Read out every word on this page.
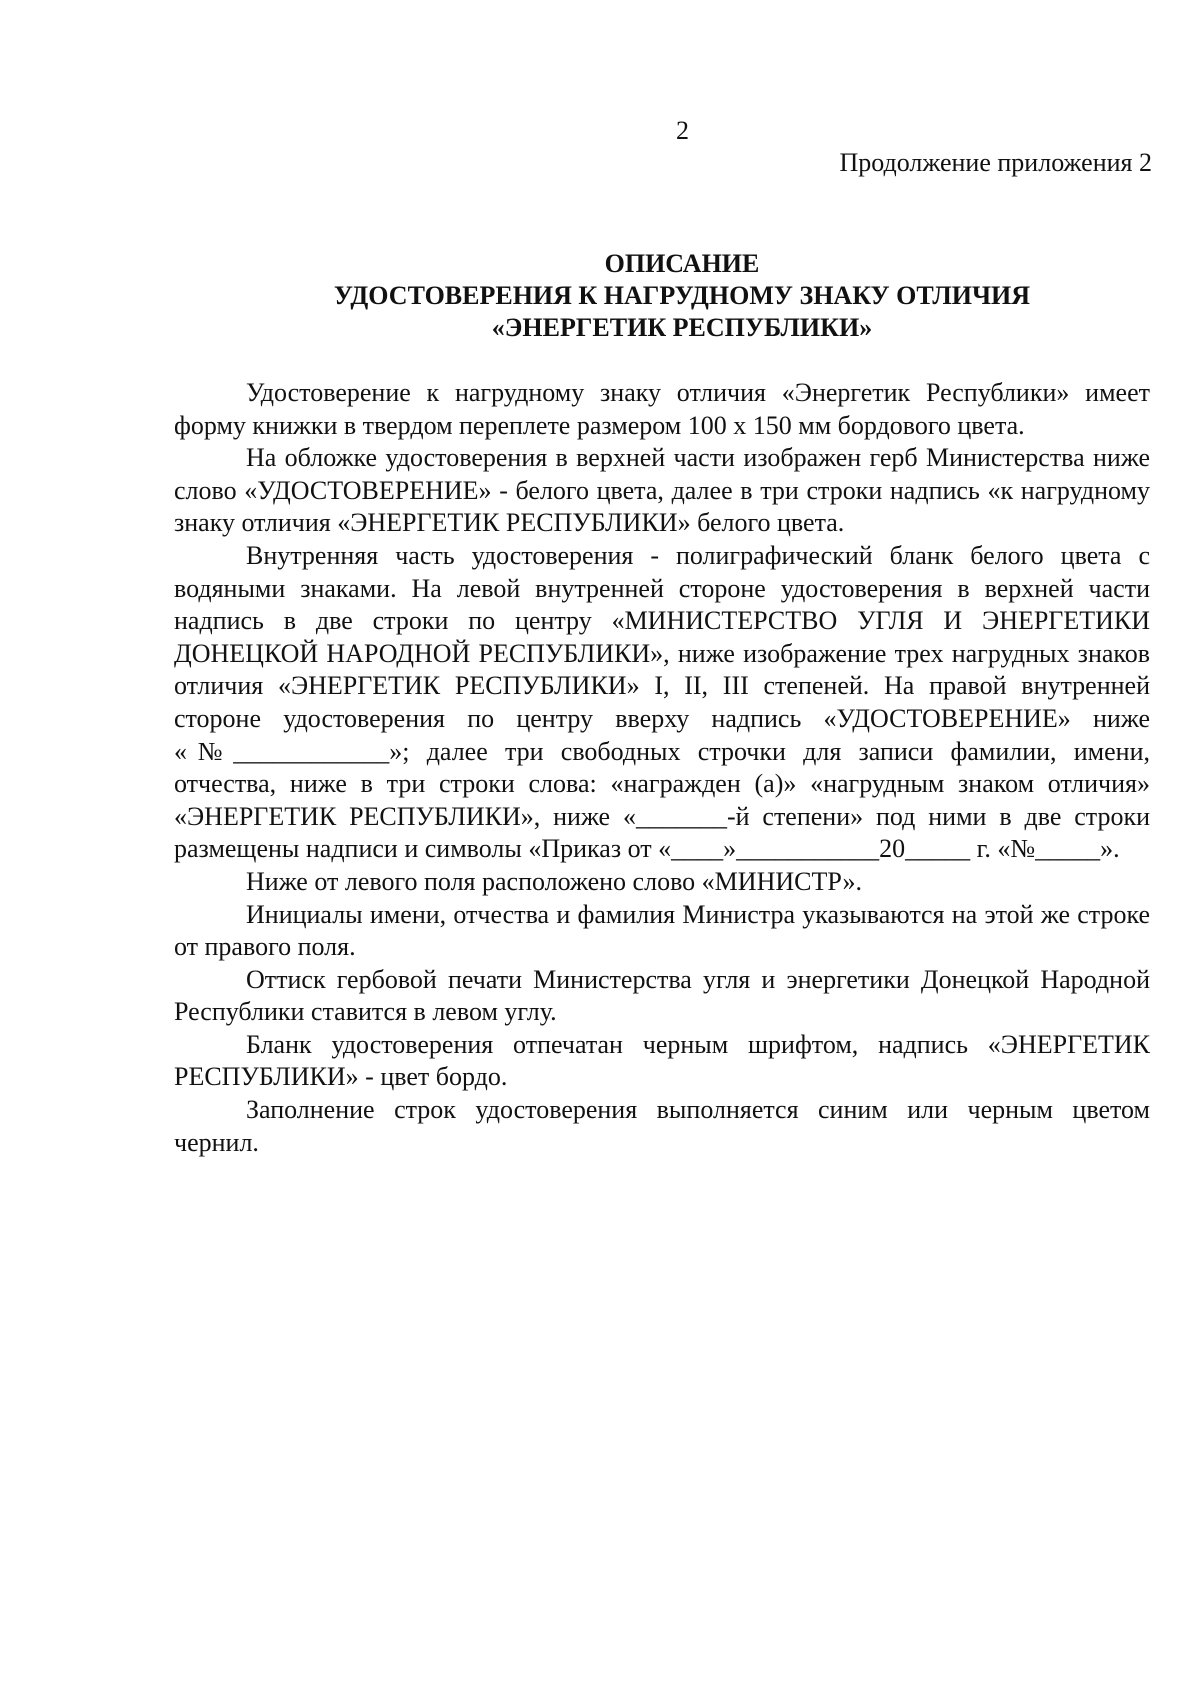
2
Продолжение приложения 2
ОПИСАНИЕ
УДОСТОВЕРЕНИЯ К НАГРУДНОМУ ЗНАКУ ОТЛИЧИЯ
«ЭНЕРГЕТИК РЕСПУБЛИКИ»

Удостоверение к нагрудному знаку отличия «Энергетик Республики» имеет форму книжки в твердом переплете размером 100 х 150 мм бордового цвета.

На обложке удостоверения в верхней части изображен герб Министерства ниже слово «УДОСТОВЕРЕНИЕ» - белого цвета, далее в три строки надпись «к нагрудному знаку отличия «ЭНЕРГЕТИК РЕСПУБЛИКИ» белого цвета.

Внутренняя часть удостоверения - полиграфический бланк белого цвета с водяными знаками. На левой внутренней стороне удостоверения в верхней части надпись в две строки по центру «МИНИСТЕРСТВО УГЛЯ И ЭНЕРГЕТИКИ ДОНЕЦКОЙ НАРОДНОЙ РЕСПУБЛИКИ», ниже изображение трех нагрудных знаков отличия «ЭНЕРГЕТИК РЕСПУБЛИКИ» I, II, III степеней. На правой внутренней стороне удостоверения по центру вверху надпись «УДОСТОВЕРЕНИЕ» ниже «№____________»; далее три свободных строчки для записи фамилии, имени, отчества, ниже в три строки слова: «награжден (а)» «нагрудным знаком отличия» «ЭНЕРГЕТИК РЕСПУБЛИКИ», ниже «_______-й степени» под ними в две строки размещены надписи и символы «Приказ от «____»___________20_____ г. «№_____».

Ниже от левого поля расположено слово «МИНИСТР».

Инициалы имени, отчества и фамилия Министра указываются на этой же строке от правого поля.

Оттиск гербовой печати Министерства угля и энергетики Донецкой Народной Республики ставится в левом углу.

Бланк удостоверения отпечатан черным шрифтом, надпись «ЭНЕРГЕТИК РЕСПУБЛИКИ» - цвет бордо.

Заполнение строк удостоверения выполняется синим или черным цветом чернил.
